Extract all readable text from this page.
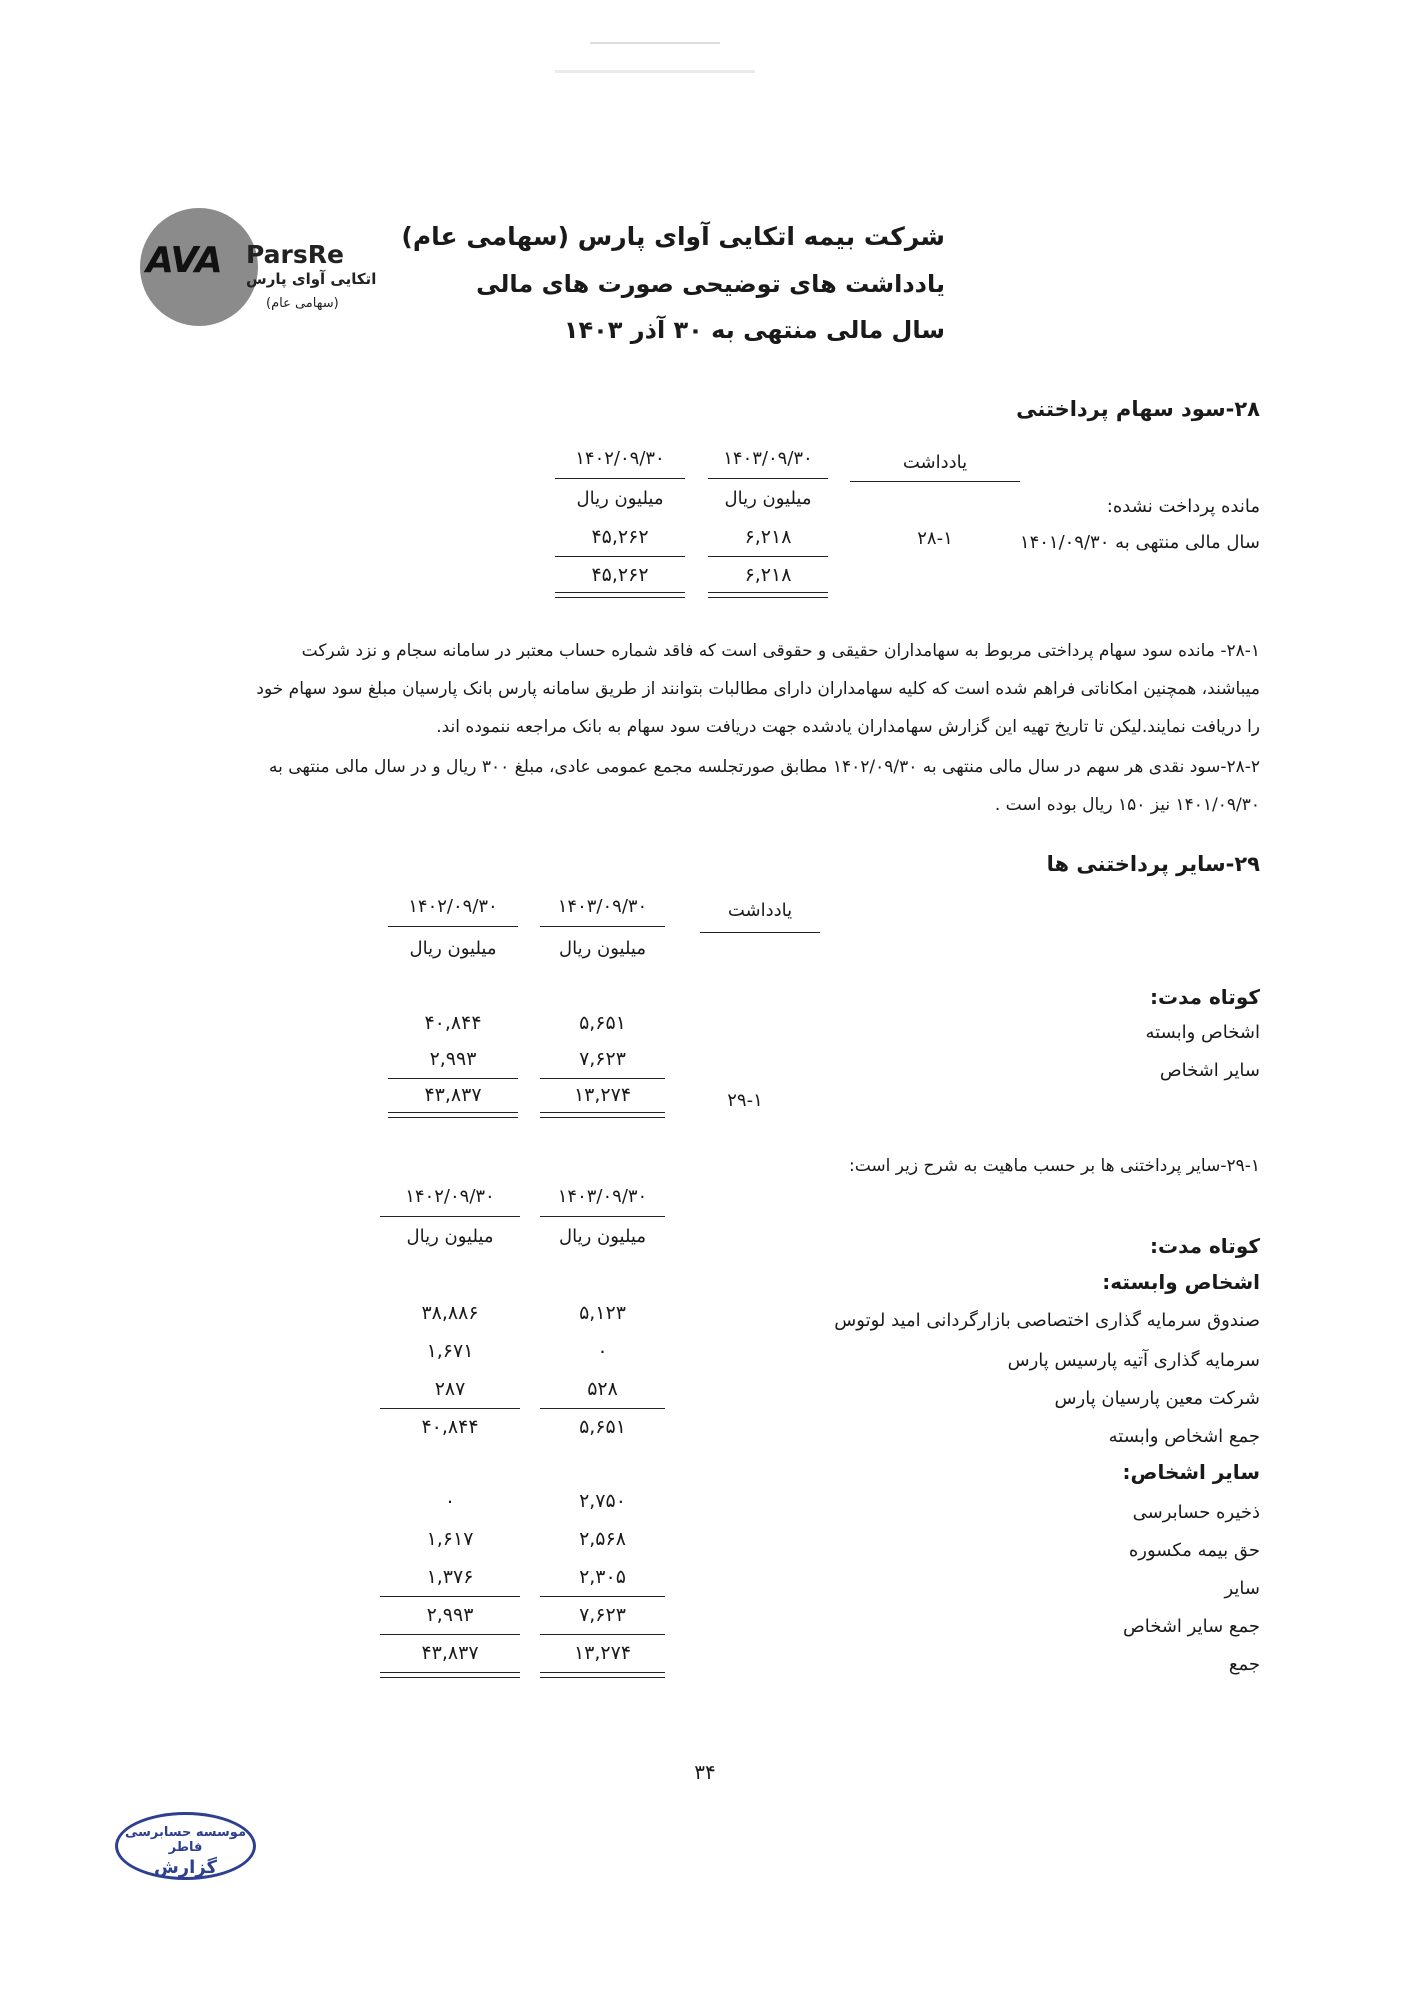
AVA ParsRe
اتکایی آوای پارس
(سهامی عام)
شرکت بیمه اتکایی آوای پارس (سهامی عام)
یادداشت های توضیحی صورت های مالی
سال مالی منتهی به ۳۰ آذر ۱۴۰۳
۲۸-سود سهام پرداختنی
یادداشت
۱۴۰۳/۰۹/۳۰
۱۴۰۲/۰۹/۳۰
میلیون ریال
میلیون ریال	مانده پرداخت نشده:
سال مالی منتهی به ۱۴۰۱/۰۹/۳۰
۲۸-۱
۶,۲۱۸
۴۵,۲۶۲
۶,۲۱۸
۴۵,۲۶۲
۲۸-۱- مانده سود سهام پرداختی مربوط به سهامداران حقیقی و حقوقی است که فاقد شماره حساب معتبر در سامانه سجام و نزد شرکت میباشند، همچنین امکاناتی فراهم شده است که کلیه سهامداران دارای مطالبات بتوانند از طریق سامانه پارس بانک پارسیان مبلغ سود سهام خود را دریافت نمایند.لیکن تا تاریخ تهیه این گزارش سهامداران یادشده جهت دریافت سود سهام به بانک مراجعه ننموده اند.
۲۸-۲-سود نقدی هر سهم در سال مالی منتهی به ۱۴۰۲/۰۹/۳۰ مطابق صورتجلسه مجمع عمومی عادی، مبلغ ۳۰۰ ریال و در سال مالی منتهی به ۱۴۰۱/۰۹/۳۰ نیز ۱۵۰ ریال بوده است .
۲۹-سایر پرداختنی ها
یادداشت
۱۴۰۳/۰۹/۳۰
۱۴۰۲/۰۹/۳۰
میلیون ریال
میلیون ریال
کوتاه مدت:
اشخاص وابسته
۵,۶۵۱
۴۰,۸۴۴
سایر اشخاص
۷,۶۲۳
۲,۹۹۳
۲۹-۱
۱۳,۲۷۴
۴۳,۸۳۷
۲۹-۱-سایر پرداختنی ها بر حسب ماهیت به شرح زیر است:
۱۴۰۳/۰۹/۳۰
۱۴۰۲/۰۹/۳۰
میلیون ریال
میلیون ریال	کوتاه مدت:
اشخاص وابسته:
صندوق سرمایه گذاری اختصاصی بازارگردانی امید لوتوس
۵,۱۲۳
۳۸,۸۸۶
سرمایه گذاری آتیه پارسیس پارس
۰
۱,۶۷۱
شرکت معین پارسیان پارس
۵۲۸
۲۸۷
جمع اشخاص وابسته
۵,۶۵۱
۴۰,۸۴۴
سایر اشخاص:
ذخیره حسابرسی
۲,۷۵۰
۰
حق بیمه مکسوره
۲,۵۶۸
۱,۶۱۷
سایر
۲,۳۰۵
۱,۳۷۶
جمع سایر اشخاص
۷,۶۲۳
۲,۹۹۳
جمع
۱۳,۲۷۴
۴۳,۸۳۷
۳۴
موسسه حسابرسی فاطر
گزارش
